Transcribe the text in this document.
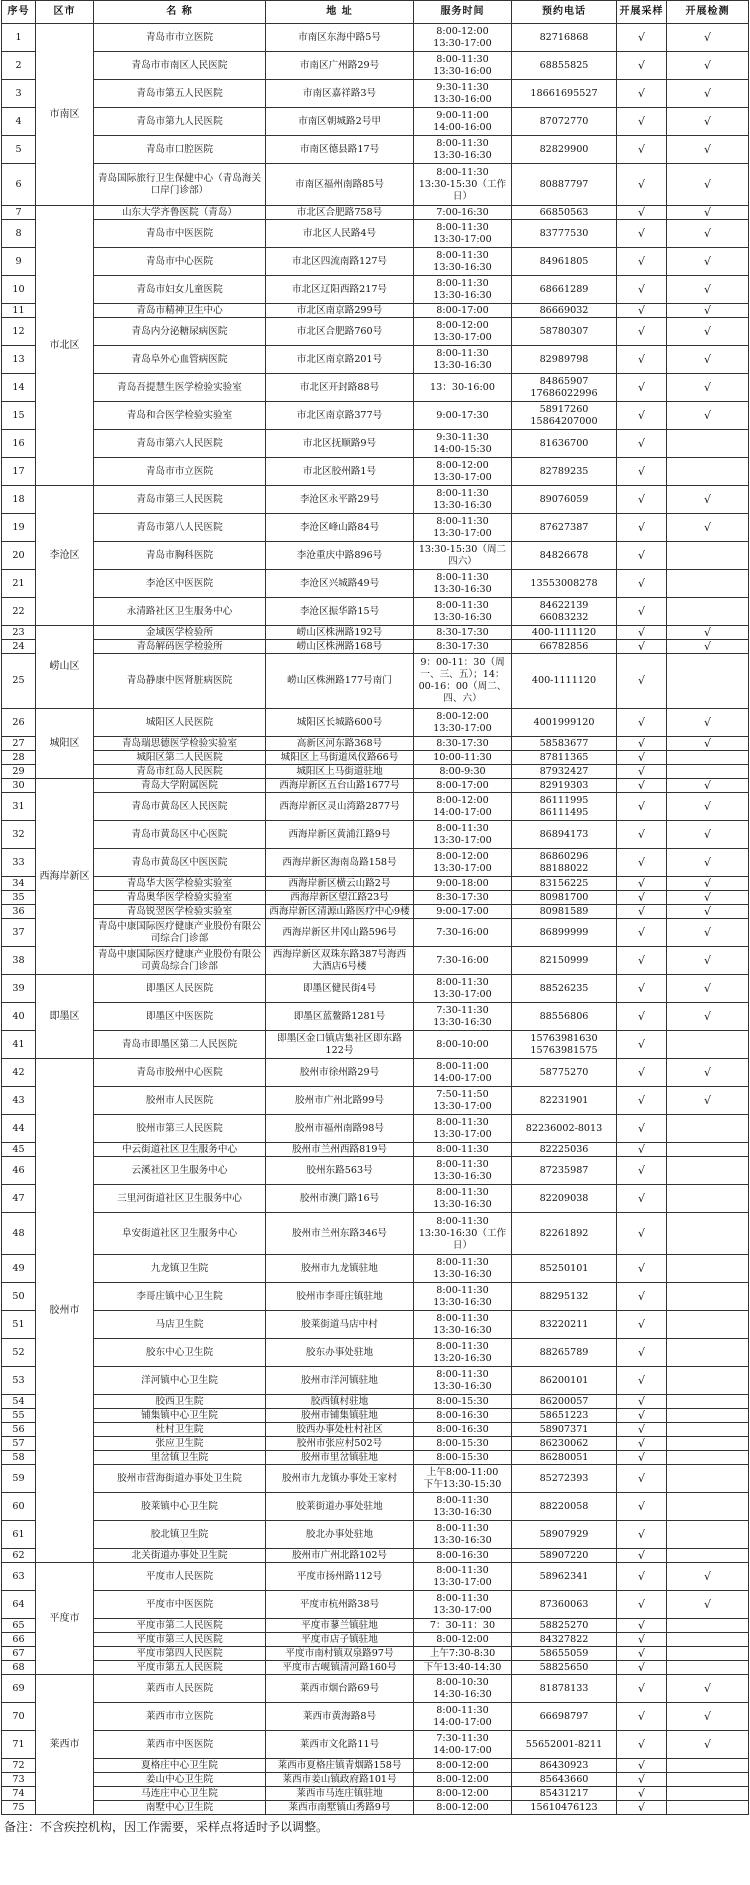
序号	区市	名 称	地 址	服务时间	预约电话	开展采样	开展检测
1	市南区	青岛市市立医院	市南区东海中路5号	8:00-12:00
13:30-17:00	82716868	√	√
2		青岛市市南区人民医院	市南区广州路29号	8:00-11:30
13:30-16:00	68855825	√	√
3		青岛市第五人民医院	市南区嘉祥路3号	9:30-11:30
13:30-16:00	18661695527	√	√
4		青岛市第九人民医院	市南区朝城路2号甲	9:00-11:00
14:00-16:00	87072770	√	√
5		青岛市口腔医院	市南区德县路17号	8:00-11:30
13:30-16:30	82829900	√	√
6		青岛国际旅行卫生保健中心（青岛海关口岸门诊部）	市南区福州南路85号	8:00-11:30
13:30-15:30（工作日）	80887797	√	√
7	市北区	山东大学齐鲁医院（青岛）	市北区合肥路758号	7:00-16:30	66850563	√	√
8		青岛市中医医院	市北区人民路4号	8:00-11:30
13:30-17:00	83777530	√	√
9		青岛市中心医院	市北区四流南路127号	8:00-11:30
13:30-16:30	84961805	√	√
10		青岛市妇女儿童医院	市北区辽阳西路217号	8:00-11:30
13:30-16:30	68661289	√	√
11		青岛市精神卫生中心	市北区南京路299号	8:00-17:00	86669032	√	√
12		青岛内分泌糖尿病医院	市北区合肥路760号	8:00-12:00
13:30-17:00	58780307	√	√
13		青岛阜外心血管病医院	市北区南京路201号	8:00-11:30
13:30-16:30	82989798	√	√
14		青岛吾提慧生医学检验实验室	市北区开封路88号	13：30-16:00	84865907
17686022996	√	√
15		青岛和合医学检验实验室	市北区南京路377号	9:00-17:30	58917260
15864207000	√	√
16		青岛市第六人民医院	市北区抚顺路9号	9:30-11:30
14:00-15:30	81636700	√	
17		青岛市市立医院	市北区胶州路1号	8:00-12:00
13:30-17:00	82789235	√	
18	李沧区	青岛市第三人民医院	李沧区永平路29号	8:00-11:30
13:30-16:30	89076059	√	√
19		青岛市第八人民医院	李沧区峰山路84号	8:00-11:30
13:30-17:00	87627387	√	√
20		青岛市胸科医院	李沧重庆中路896号	13:30-15:30（周二四六）	84826678	√	
21		李沧区中医医院	李沧区兴城路49号	8:00-11:30
13:30-16:30	13553008278	√	
22		永清路社区卫生服务中心	李沧区振华路15号	8:00-11:30
13:30-16:30	84622139
66083232	√	
23	崂山区	金域医学检验所	崂山区株洲路192号	8:30-17:30	400-1111120	√	√
24		青岛解码医学检验所	崂山区株洲路168号	8:30-17:30	66782856	√	√
25		青岛静康中医肾脏病医院	崂山区株洲路177号南门	9：00-11：30（周一、三、五）；14：00-16：00（周二、四、六）	400-1111120	√	
26	城阳区	城阳区人民医院	城阳区长城路600号	8:00-12:00
13:30-17:00	4001999120	√	√
27		青岛瑞思德医学检验实验室	高新区河东路368号	8:30-17:30	58583677	√	√
28		城阳区第二人民医院	城阳区上马街道凤仪路66号	10:00-11:30	87811365	√	
29		青岛市红岛人民医院	城阳区上马街道驻地	8:00-9:30	87932427	√	
30	西海岸新区	青岛大学附属医院	西海岸新区五台山路1677号	8:00-17:00	82919303	√	√
31		青岛市黄岛区人民医院	西海岸新区灵山湾路2877号	8:00-12:00
14:00-17:00	86111995
86111495	√	√
32		青岛市黄岛区中心医院	西海岸新区黄浦江路9号	8:00-11:30
13:30-17:00	86894173	√	√
33		青岛市黄岛区中医医院	西海岸新区海南岛路158号	8:00-12:00
13:30-17:00	86860296
88188022	√	√
34		青岛华大医学检验实验室	西海岸新区横云山路2号	9:00-18:00	83156225	√	√
35		青岛奥华医学检验实验室	西海岸新区望江路23号	8:30-17:30	80981700	√	√
36		青岛锐翌医学检验实验室	西海岸新区清源山路医疗中心9楼	9:00-17:00	80981589	√	√
37		青岛中康国际医疗健康产业股份有限公司综合门诊部	西海岸新区井冈山路596号	7:30-16:00	86899999	√	√
38		青岛中康国际医疗健康产业股份有限公司黄岛综合门诊部	西海岸新区双珠东路387号海西大酒店6号楼	7:30-16:00	82150999	√	√
39	即墨区	即墨区人民医院	即墨区健民街4号	8:00-11:30
13:30-17:00	88526235	√	√
40		即墨区中医医院	即墨区蓝鳌路1281号	7:30-11:30
13:30-16:30	88556806	√	√
41		青岛市即墨区第二人民医院	即墨区金口镇店集社区即东路122号	8:00-10:00	15763981630
15763981575	√	
42	胶州市	青岛市胶州中心医院	胶州市徐州路29号	8:00-11:00
14:00-17:00	58775270	√	√
43		胶州市人民医院	胶州市广州北路99号	7:50-11:50
13:30-17:00	82231901	√	√
44		胶州市第三人民医院	胶州市福州南路98号	8:00-11:30
13:30-17:00	82236002-8013	√	
45		中云街道社区卫生服务中心	胶州市兰州西路819号	8:00-11:30	82225036	√	
46		云溪社区卫生服务中心	胶州东路563号	8:00-11:30
13:30-16:30	87235987	√	
47		三里河街道社区卫生服务中心	胶州市澳门路16号	8:00-11:30
13:30-16:30	82209038	√	
48		阜安街道社区卫生服务中心	胶州市兰州东路346号	8:00-11:30
13:30-16:30（工作日）	82261892	√	
49		九龙镇卫生院	胶州市九龙镇驻地	8:00-11:30
13:30-16:30	85250101	√	
50		李哥庄镇中心卫生院	胶州市李哥庄镇驻地	8:00-11:30
13:30-16:30	88295132	√	
51		马店卫生院	胶莱街道马店中村	8:00-11:30
13:30-16:30	83220211	√	
52		胶东中心卫生院	胶东办事处驻地	8:00-11:30
13:20-16:30	88265789	√	
53		洋河镇中心卫生院	胶州市洋河镇驻地	8:00-11:30
13:30-16:30	86200101	√	
54		胶西卫生院	胶西镇村驻地	8:00-15:30	86200057	√	
55		铺集镇中心卫生院	胶州市铺集镇驻地	8:00-16:30	58651223	√	
56		杜村卫生院	胶西办事处杜村社区	8:00-16:30	58907371	√	
57		张应卫生院	胶州市张应村502号	8:00-15:30	86230062	√	
58		里岔镇卫生院	胶州市里岔镇驻地	8:00-15:30	86280051	√	
59		胶州市营海街道办事处卫生院	胶州市九龙镇办事处王家村	上午8:00-11:00
下午13:30-15:30	85272393	√	
60		胶莱镇中心卫生院	胶莱街道办事处驻地	8:00-11:30
13:30-16:30	88220058	√	
61		胶北镇卫生院	胶北办事处驻地	8:00-11:30
13:30-16:30	58907929	√	
62		北关街道办事处卫生院	胶州市广州北路102号	8:00-16:30	58907220	√	
63	平度市	平度市人民医院	平度市扬州路112号	8:00-11:30
13:30-17:00	58962341	√	√
64		平度市中医医院	平度市杭州路38号	8:00-11:30
13:30-17:00	87360063	√	√
65		平度市第二人民医院	平度市蓼兰镇驻地	7：30-11：30	58825270	√	
66		平度市第三人民医院	平度市店子镇驻地	8:00-12:00	84327822	√	
67		平度市第四人民医院	平度市南村镇双泉路97号	上午7:30-8:30	58655059	√	
68		平度市第五人民医院	平度市古岘镇清河路160号	下午13:40-14:30	58825650	√	
69	莱西市	莱西市人民医院	莱西市烟台路69号	8:00-10:30
14:30-16:30	81878133	√	√
70		莱西市市立医院	莱西市黄海路8号	8:00-11:30
14:00-17:00	66698797	√	√
71		莱西市中医医院	莱西市文化路11号	7:30-11:30
14:00-17:00	55652001-8211	√	√
72		夏格庄中心卫生院	莱西市夏格庄镇青烟路158号	8:00-12:00	86430923	√	
73		姜山中心卫生院	莱西市姜山镇政府路101号	8:00-12:00	85643660	√	
74		马连庄中心卫生院	莱西市马连庄镇驻地	8:00-12:00	85431217	√	
75		南墅中心卫生院	莱西市南墅镇山秀路9号	8:00-12:00	15610476123	√	
备注：不含疾控机构，因工作需要，采样点将适时予以调整。
